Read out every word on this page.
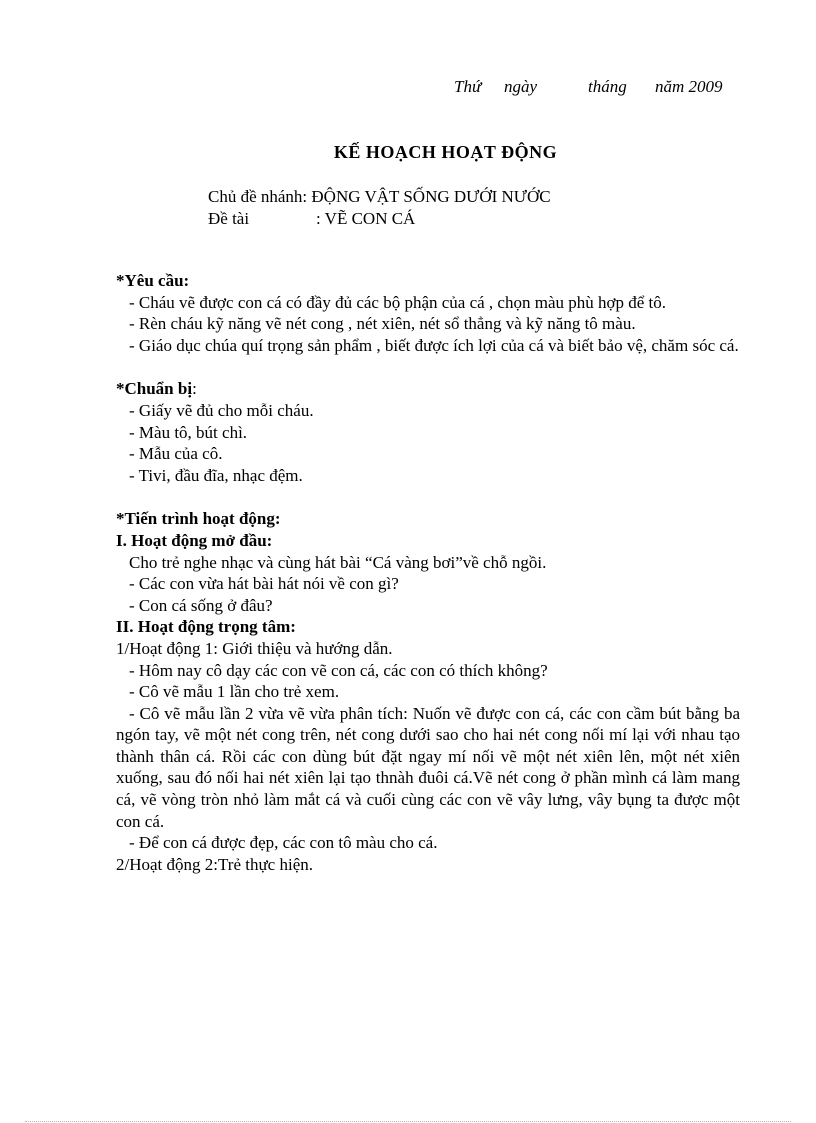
Thứ ngày	tháng năm 2009
KẾ HOẠCH HOẠT ĐỘNG
Chủ đề nhánh: ĐỘNG VẬT SỐNG DƯỚI NƯỚC
Đề tài	: VẼ CON CÁ

*Yêu cầu:

- Cháu vẽ được con cá có đầy đủ các bộ phận của cá , chọn màu phù hợp để tô.

- Rèn cháu kỹ năng vẽ nét cong , nét xiên, nét sổ thẳng và kỹ năng tô màu.

- Giáo dục chúa quí trọng sản phẩm , biết được ích lợi của cá và biết bảo vệ, chăm sóc cá.

*Chuẩn bị:

- Giấy vẽ đủ cho mỗi cháu.

- Màu tô, bút chì.

- Mẫu của cô.

- Tivi, đầu đĩa, nhạc đệm.

*Tiến trình hoạt động:

I. Hoạt động mở đầu:

Cho trẻ nghe nhạc và cùng hát bài “Cá vàng bơi”về chỗ ngồi.

- Các con vừa hát bài hát nói về con gì?

- Con cá sống ở đâu?

II. Hoạt động trọng tâm:

1/Hoạt động 1: Giới thiệu và hướng dẫn.

- Hôm nay cô dạy các con vẽ con cá, các con có thích không?

- Cô vẽ mẫu 1 lần cho trẻ xem.

- Cô vẽ mẫu lần 2 vừa vẽ vừa phân tích: Nuốn vẽ được con cá, các con cầm bút bằng ba ngón tay, vẽ một nét cong trên, nét cong dưới sao cho hai nét cong nối mí lại với nhau tạo thành thân cá. Rồi các con dùng bút đặt ngay mí nối vẽ một nét xiên lên, một nét xiên xuống, sau đó nối hai nét xiên lại tạo thnàh đuôi cá.Vẽ nét cong ở phần mình cá làm mang cá, vẽ vòng tròn nhỏ làm mắt cá và cuối cùng các con vẽ vây lưng, vây bụng ta được một con cá.

- Để con cá được đẹp, các con tô màu cho cá.

2/Hoạt động 2:Trẻ thực hiện.
